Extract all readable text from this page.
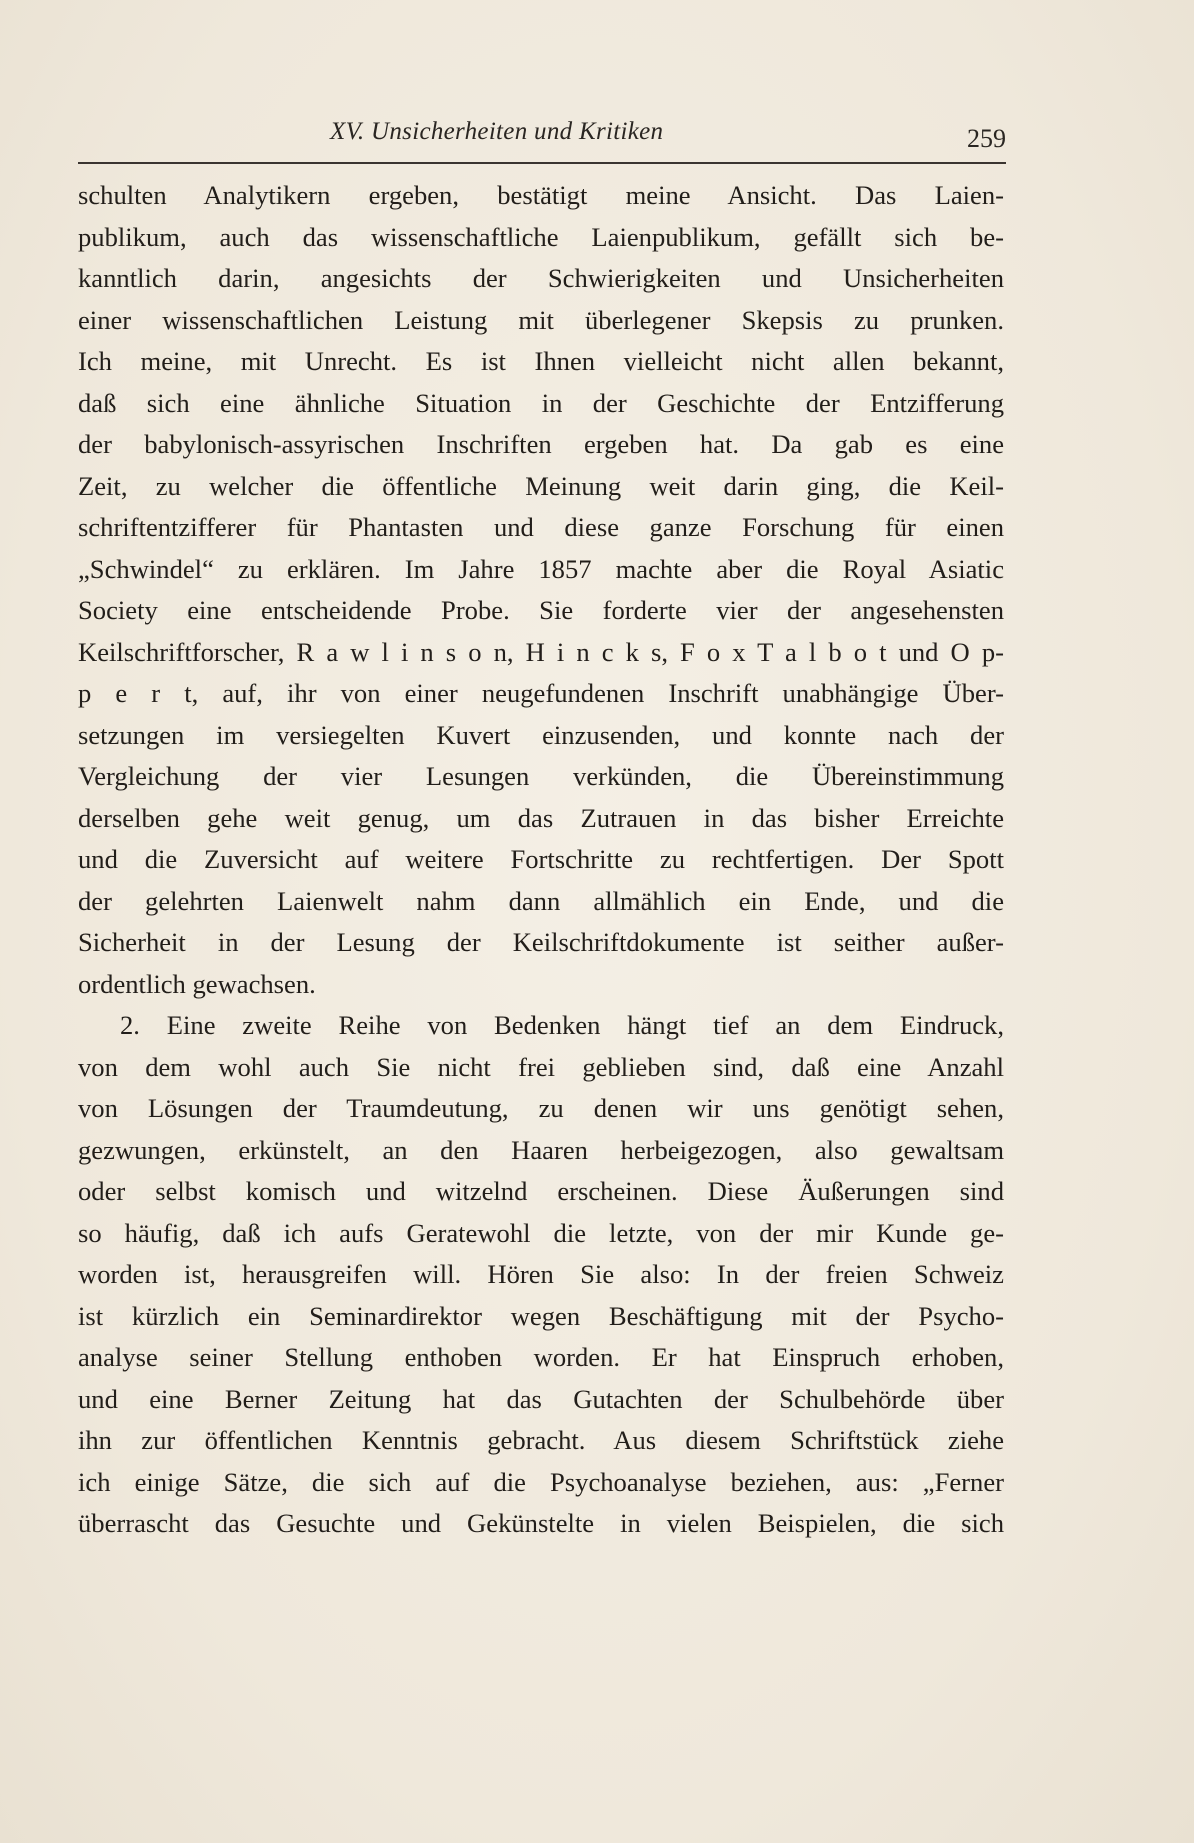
XV. Unsicherheiten und Kritiken	259
schulten Analytikern ergeben, bestätigt meine Ansicht. Das Laien-
publikum, auch das wissenschaftliche Laienpublikum, gefällt sich be-
kanntlich darin, angesichts der Schwierigkeiten und Unsicherheiten
einer wissenschaftlichen Leistung mit überlegener Skepsis zu prunken.
Ich meine, mit Unrecht. Es ist Ihnen vielleicht nicht allen bekannt,
daß sich eine ähnliche Situation in der Geschichte der Entzifferung
der babylonisch-assyrischen Inschriften ergeben hat. Da gab es eine
Zeit, zu welcher die öffentliche Meinung weit darin ging, die Keil-
schriftentzifferer für Phantasten und diese ganze Forschung für einen
„Schwindel“ zu erklären. Im Jahre 1857 machte aber die Royal Asiatic
Society eine entscheidende Probe. Sie forderte vier der angesehensten
Keilschriftforscher, R a w l i n s o n, H i n c k s, F o x T a l b o t und O p-
p e r t, auf, ihr von einer neugefundenen Inschrift unabhängige Über-
setzungen im versiegelten Kuvert einzusenden, und konnte nach der
Vergleichung der vier Lesungen verkünden, die Übereinstimmung
derselben gehe weit genug, um das Zutrauen in das bisher Erreichte
und die Zuversicht auf weitere Fortschritte zu rechtfertigen. Der Spott
der gelehrten Laienwelt nahm dann allmählich ein Ende, und die
Sicherheit in der Lesung der Keilschriftdokumente ist seither außer-
ordentlich gewachsen.
2. Eine zweite Reihe von Bedenken hängt tief an dem Eindruck,
von dem wohl auch Sie nicht frei geblieben sind, daß eine Anzahl
von Lösungen der Traumdeutung, zu denen wir uns genötigt sehen,
gezwungen, erkünstelt, an den Haaren herbeigezogen, also gewaltsam
oder selbst komisch und witzelnd erscheinen. Diese Äußerungen sind
so häufig, daß ich aufs Geratewohl die letzte, von der mir Kunde ge-
worden ist, herausgreifen will. Hören Sie also: In der freien Schweiz
ist kürzlich ein Seminardirektor wegen Beschäftigung mit der Psycho-
analyse seiner Stellung enthoben worden. Er hat Einspruch erhoben,
und eine Berner Zeitung hat das Gutachten der Schulbehörde über
ihn zur öffentlichen Kenntnis gebracht. Aus diesem Schriftstück ziehe
ich einige Sätze, die sich auf die Psychoanalyse beziehen, aus: „Ferner
überrascht das Gesuchte und Gekünstelte in vielen Beispielen, die sich
